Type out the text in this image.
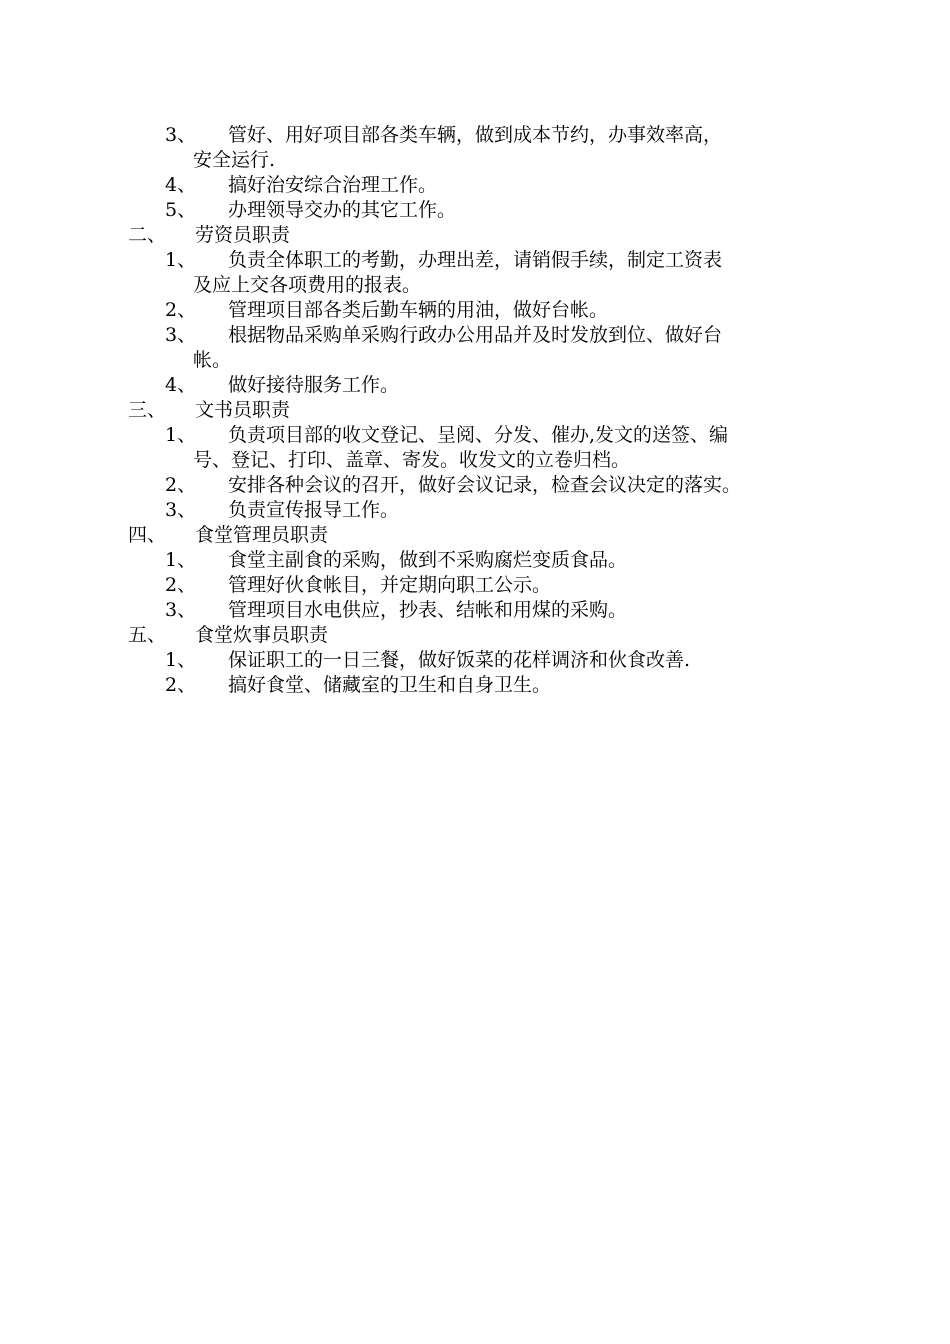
3、 管好、用好项目部各类车辆，做到成本节约，办事效率高，
安全运行.
4、 搞好治安综合治理工作。
5、 办理领导交办的其它工作。
二、 劳资员职责
1、 负责全体职工的考勤，办理出差，请销假手续，制定工资表
及应上交各项费用的报表。
2、 管理项目部各类后勤车辆的用油，做好台帐。
3、 根据物品采购单采购行政办公用品并及时发放到位、做好台
帐。
4、 做好接待服务工作。
三、 文书员职责
1、 负责项目部的收文登记、呈阅、分发、催办,发文的送签、编
号、登记、打印、盖章、寄发。收发文的立卷归档。
2、 安排各种会议的召开，做好会议记录，检查会议决定的落实。
3、 负责宣传报导工作。
四、 食堂管理员职责
1、 食堂主副食的采购，做到不采购腐烂变质食品。
2、 管理好伙食帐目，并定期向职工公示。
3、 管理项目水电供应，抄表、结帐和用煤的采购。
五、 食堂炊事员职责
1、 保证职工的一日三餐，做好饭菜的花样调济和伙食改善.
2、 搞好食堂、储藏室的卫生和自身卫生。
